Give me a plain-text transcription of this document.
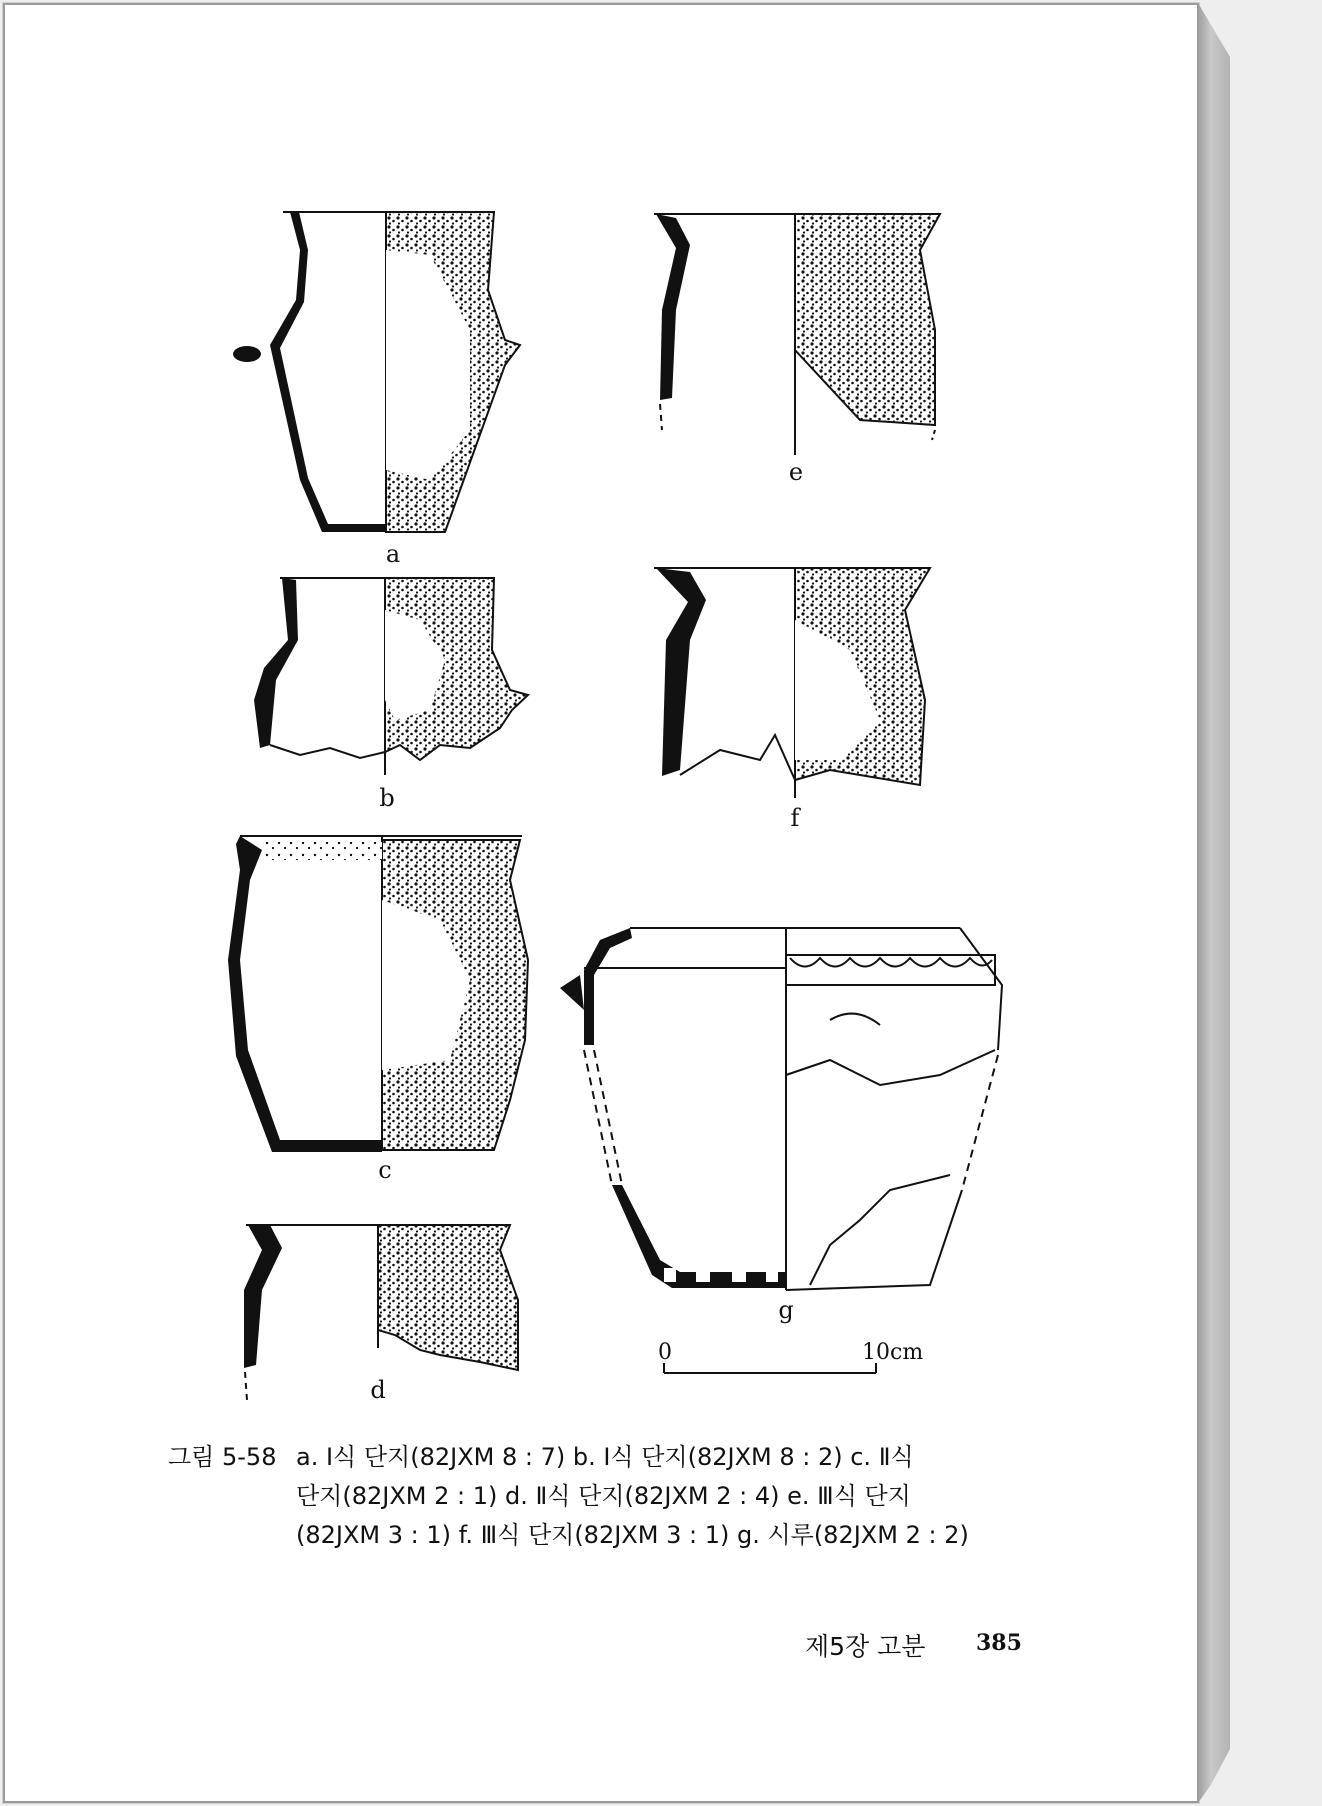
a
b
c
d
e
f
g
0	10cm
그림 5-58 a. Ⅰ식 단지(82JXM 8 : 7) b. Ⅰ식 단지(82JXM 8 : 2) c. Ⅱ식
단지(82JXM 2 : 1) d. Ⅱ식 단지(82JXM 2 : 4) e. Ⅲ식 단지
(82JXM 3 : 1) f. Ⅲ식 단지(82JXM 3 : 1) g. 시루(82JXM 2 : 2)
제5장 고분 385
